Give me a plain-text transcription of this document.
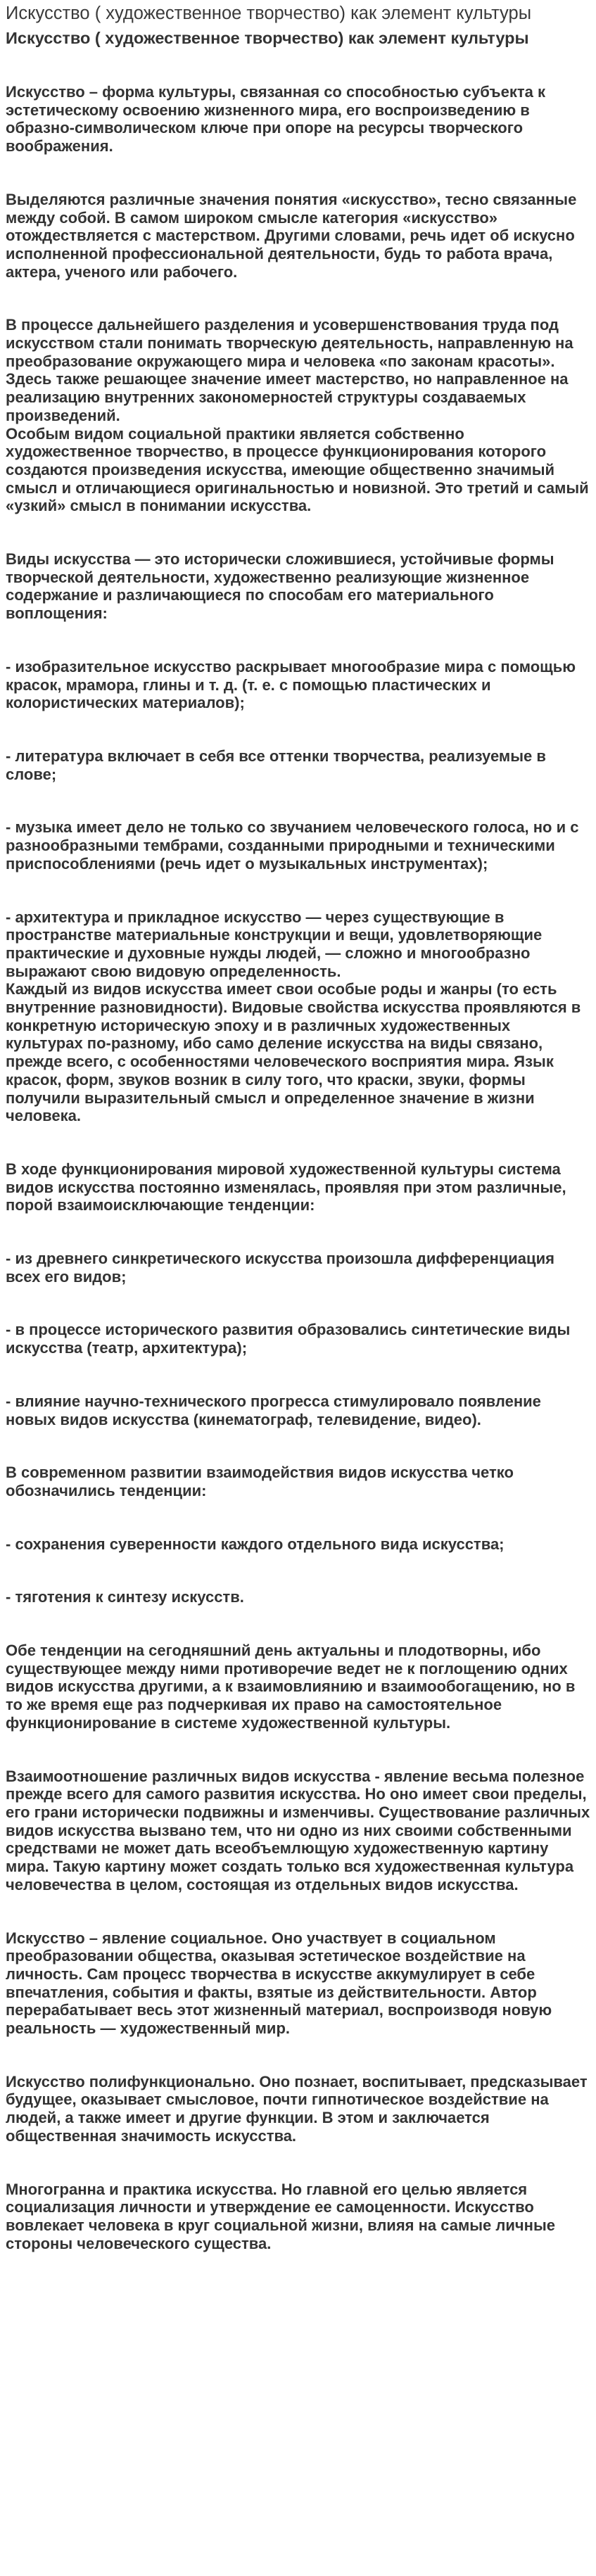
Искусство ( художественное творчество) как элемент культуры

Искусство ( художественное творчество) как элемент культуры

Искусство – форма культуры, связанная со способностью субъекта к эстетическому освоению жизненного мира, его воспроизведению в образно-символическом ключе при опоре на ресурсы творческого воображения.

Выделяются различные значения понятия «искусство», тесно связанные между собой. В самом широком смысле категория «искусство» отождествляется с мастерством. Другими словами, речь идет об искусно исполненной профессиональной деятельности, будь то работа врача, актера, ученого или рабочего.

В процессе дальнейшего разделения и усовершенствования труда под искусством стали понимать творческую деятельность, направленную на преобразование окружающего мира и человека «по законам красоты». Здесь также решающее значение имеет мастерство, но направленное на реализацию внутренних закономерностей структуры создаваемых произведений.

Особым видом социальной практики является собственно художественное творчество, в процессе функционирования которого создаются произведения искусства, имеющие общественно значимый смысл и отличающиеся оригинальностью и новизной. Это третий и самый «узкий» смысл в понимании искусства.

Виды искусства — это исторически сложившиеся, устойчивые формы творческой деятельности, художественно реализующие жизненное содержание и различающиеся по способам его материального воплощения:

- изобразительное искусство раскрывает многообразие мира с помощью красок, мрамора, глины и т. д. (т. е. с помощью пластических и колористических материалов);

- литература включает в себя все оттенки творчества, реализуемые в слове;

- музыка имеет дело не только со звучанием человеческого голоса, но и с разнообразными тембрами, созданными природными и техническими приспособлениями (речь идет о музыкальных инструментах);

- архитектура и прикладное искусство — через существующие в пространстве материальные конструкции и вещи, удовлетворяющие практические и духовные нужды людей, — сложно и многообразно выражают свою видовую определенность.

Каждый из видов искусства имеет свои особые роды и жанры (то есть внутренние разновидности). Видовые свойства искусства проявляются в конкретную историческую эпоху и в различных художественных культурах по-разному, ибо само деление искусства на виды связано, прежде всего, с особенностями человеческого восприятия мира. Язык красок, форм, звуков возник в силу того, что краски, звуки, формы получили выразительный смысл и определенное значение в жизни человека.

В ходе функционирования мировой художественной культуры система видов искусства постоянно изменялась, проявляя при этом различные, порой взаимоисключающие тенденции:

- из древнего синкретического искусства произошла дифференциация всех его видов;

- в процессе исторического развития образовались синтетические виды искусства (театр, архитектура);

- влияние научно-технического прогресса стимулировало появление новых видов искусства (кинематограф, телевидение, видео).

В современном развитии взаимодействия видов искусства четко обозначились тенденции:

- сохранения суверенности каждого отдельного вида искусства;

- тяготения к синтезу искусств.

Обе тенденции на сегодняшний день актуальны и плодотворны, ибо существующее между ними противоречие ведет не к поглощению одних видов искусства другими, а к взаимовлиянию и взаимообогащению, но в то же время еще раз подчеркивая их право на самостоятельное функционирование в системе художественной культуры.

Взаимоотношение различных видов искусства - явление весьма полезное прежде всего для самого развития искусства. Но оно имеет свои пределы, его грани исторически подвижны и изменчивы. Существование различных видов искусства вызвано тем, что ни одно из них своими собственными средствами не может дать всеобъемлющую художественную картину мира. Такую картину может создать только вся художественная культура человечества в целом, состоящая из отдельных видов искусства.

Искусство – явление социальное. Оно участвует в социальном преобразовании общества, оказывая эстетическое воздействие на личность. Сам процесс творчества в искусстве аккумулирует в себе впечатления, события и факты, взятые из действительности. Автор перерабатывает весь этот жизненный материал, воспроизводя новую реальность — художественный мир.

Искусство полифункционально. Оно познает, воспитывает, предсказывает будущее, оказывает смысловое, почти гипнотическое воздействие на людей, а также имеет и другие функции. В этом и заключается общественная значимость искусства.

Многогранна и практика искусства. Но главной его целью является социализация личности и утверждение ее самоценности. Искусство вовлекает человека в круг социальной жизни, влияя на самые личные стороны человеческого существа.
